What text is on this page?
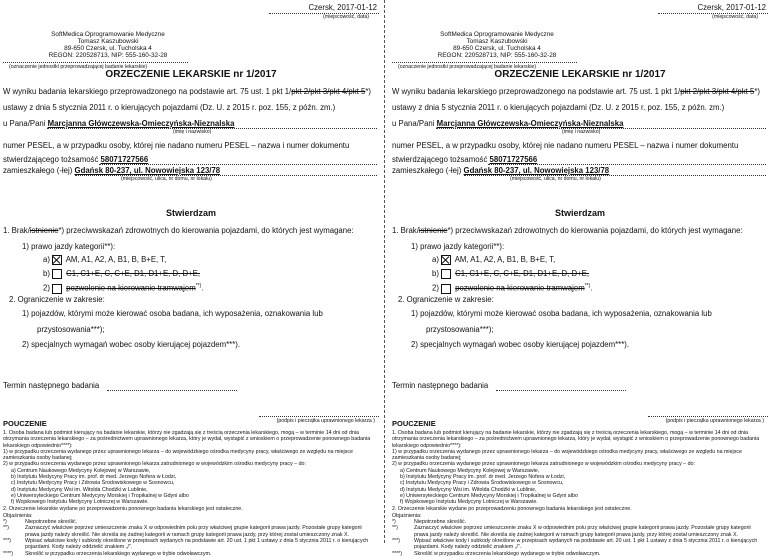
Czersk, 2017-01-12
(miejscowość, data)
SoftMedica Oprogramowanie Medyczne
Tomasz Kaszubowski
89-650 Czersk, ul. Tucholska 4
REGON: 220528713, NIP: 555-160-32-28
(oznaczenie jednostki przeprowadzającej badanie lekarskie)
ORZECZENIE LEKARSKIE nr 1/2017
W wyniku badania lekarskiego przeprowadzonego na podstawie art. 75 ust. 1 pkt 1/pkt 2/pkt 3/pkt 4/pkt 5*)
ustawy z dnia 5 stycznia 2011 r. o kierujących pojazdami (Dz. U. z 2015 r. poz. 155, z późn. zm.)
u Pana/Pani Marcjanna Główczewska-Omieczyńska-Nieznalska
(imię i nazwisko)
numer PESEL, a w przypadku osoby, której nie nadano numeru PESEL – nazwa i numer dokumentu
stwierdzającego tożsamość 58071727566
zamieszkałego (-łej) Gdańsk 80-237, ul. Nowowiejska 123/78
(miejscowość, ulica, nr domu, nr lokalu)
Stwierdzam
1. Brak/istnienie*) przeciwwskazań zdrowotnych do kierowania pojazdami, do których jest wymagane:
1) prawo jazdy kategorii**):
a) AM, A1, A2, A, B1, B, B+E, T,
b) C1, C1+E, C, C+E, D1, D1+E, D, D+E,
2) pozwolenie na kierowanie tramwajem**).
2. Ograniczenie w zakresie:
1) pojazdów, którymi może kierować osoba badana, ich wyposażenia, oznakowania lub
przystosowania***);
2) specjalnych wymagań wobec osoby kierującej pojazdem***).
Termin następnego badania
(podpis i pieczątka uprawnionego lekarza )
POUCZENIE
1. Osoba badana lub podmiot kierujący na badanie lekarskie, którzy nie zgadzają się z treścią orzeczenia lekarskiego, mogą – w terminie 14 dni od dnia otrzymania orzeczenia lekarskiego – za pośrednictwem uprawnionego lekarza, który je wydał, wystąpić z wnioskiem o przeprowadzenie ponownego badania lekarskiego odpowiednio****):
1) w przypadku orzeczenia wydanego przez uprawnionego lekarza – do wojewódzkiego ośrodka medycyny pracy, właściwego ze względu na miejsce zamieszkania osoby badanej;
2) w przypadku orzeczenia wydanego przez uprawnionego lekarza zatrudnionego w wojewódzkim ośrodku medycyny pracy – do:
a) Centrum Naukowego Medycyny Kolejowej w Warszawie,
b) Instytutu Medycyny Pracy im. prof. dr med. Jerzego Nofera w Łodzi,
c) Instytutu Medycyny Pracy i Zdrowia Środowiskowego w Sosnowcu,
d) Instytutu Medycyny Wsi im. Witolda Chodźki w Lublinie,
e) Uniwersyteckiego Centrum Medycyny Morskiej i Tropikalnej w Gdyni albo
f) Wojskowego Instytutu Medycyny Lotniczej w Warszawie.
2. Orzeczenie lekarskie wydane po przeprowadzeniu ponownego badania lekarskiego jest ostateczne.
Objaśnienia:
*)	Niepotrzebne skreślić.
**)	Zaznaczyć właściwe poprzez umieszczenie znaku X w odpowiednim polu przy właściwej grupie kategorii prawa jazdy. Pozostałe grupy kategorii prawa jazdy należy skreślić. Nie skreśla się żadnej kategorii w ramach grupy kategorii prawa jazdy, przy której został umieszczony znak X.
***)	Wpisać właściwe kody i subkody określone w przepisach wydanych na podstawie art. 20 ust. 1 pkt 1 ustawy z dnia 5 stycznia 2011 r. o kierujących pojazdami. Kody należy oddzielić znakiem „/”.
****)	Skreślić w przypadku orzeczenia lekarskiego wydanego w trybie odwoławczym.
Czersk, 2017-01-12
(miejscowość, data)
SoftMedica Oprogramowanie Medyczne
Tomasz Kaszubowski
89-650 Czersk, ul. Tucholska 4
REGON: 220528713, NIP: 555-160-32-28
(oznaczenie jednostki przeprowadzającej badanie lekarskie)
ORZECZENIE LEKARSKIE nr 1/2017
W wyniku badania lekarskiego przeprowadzonego na podstawie art. 75 ust. 1 pkt 1/pkt 2/pkt 3/pkt 4/pkt 5*)
ustawy z dnia 5 stycznia 2011 r. o kierujących pojazdami (Dz. U. z 2015 r. poz. 155, z późn. zm.)
u Pana/Pani Marcjanna Główczewska-Omieczyńska-Nieznalska
(imię i nazwisko)
numer PESEL, a w przypadku osoby, której nie nadano numeru PESEL – nazwa i numer dokumentu
stwierdzającego tożsamość 58071727566
zamieszkałego (-łej) Gdańsk 80-237, ul. Nowowiejska 123/78
(miejscowość, ulica, nr domu, nr lokalu)
Stwierdzam
1. Brak/istnienie*) przeciwwskazań zdrowotnych do kierowania pojazdami, do których jest wymagane:
1) prawo jazdy kategorii**):
a) AM, A1, A2, A, B1, B, B+E, T,
b) C1, C1+E, C, C+E, D1, D1+E, D, D+E,
2) pozwolenie na kierowanie tramwajem**).
2. Ograniczenie w zakresie:
1) pojazdów, którymi może kierować osoba badana, ich wyposażenia, oznakowania lub
przystosowania***);
2) specjalnych wymagań wobec osoby kierującej pojazdem***).
Termin następnego badania
(podpis i pieczątka uprawnionego lekarza )
POUCZENIE
1. Osoba badana lub podmiot kierujący na badanie lekarskie, którzy nie zgadzają się z treścią orzeczenia lekarskiego, mogą – w terminie 14 dni od dnia otrzymania orzeczenia lekarskiego – za pośrednictwem uprawnionego lekarza, który je wydał, wystąpić z wnioskiem o przeprowadzenie ponownego badania lekarskiego odpowiednio****):
1) w przypadku orzeczenia wydanego przez uprawnionego lekarza – do wojewódzkiego ośrodka medycyny pracy, właściwego ze względu na miejsce zamieszkania osoby badanej;
2) w przypadku orzeczenia wydanego przez uprawnionego lekarza zatrudnionego w wojewódzkim ośrodku medycyny pracy – do:
a) Centrum Naukowego Medycyny Kolejowej w Warszawie,
b) Instytutu Medycyny Pracy im. prof. dr med. Jerzego Nofera w Łodzi,
c) Instytutu Medycyny Pracy i Zdrowia Środowiskowego w Sosnowcu,
d) Instytutu Medycyny Wsi im. Witolda Chodźki w Lublinie,
e) Uniwersyteckiego Centrum Medycyny Morskiej i Tropikalnej w Gdyni albo
f) Wojskowego Instytutu Medycyny Lotniczej w Warszawie.
2. Orzeczenie lekarskie wydane po przeprowadzeniu ponownego badania lekarskiego jest ostateczne.
Objaśnienia:
*)	Niepotrzebne skreślić.
**)	Zaznaczyć właściwe poprzez umieszczenie znaku X w odpowiednim polu przy właściwej grupie kategorii prawa jazdy. Pozostałe grupy kategorii prawa jazdy należy skreślić. Nie skreśla się żadnej kategorii w ramach grupy kategorii prawa jazdy, przy której został umieszczony znak X.
***)	Wpisać właściwe kody i subkody określone w przepisach wydanych na podstawie art. 20 ust. 1 pkt 1 ustawy z dnia 5 stycznia 2011 r. o kierujących pojazdami. Kody należy oddzielić znakiem „/”.
****)	Skreślić w przypadku orzeczenia lekarskiego wydanego w trybie odwoławczym.
